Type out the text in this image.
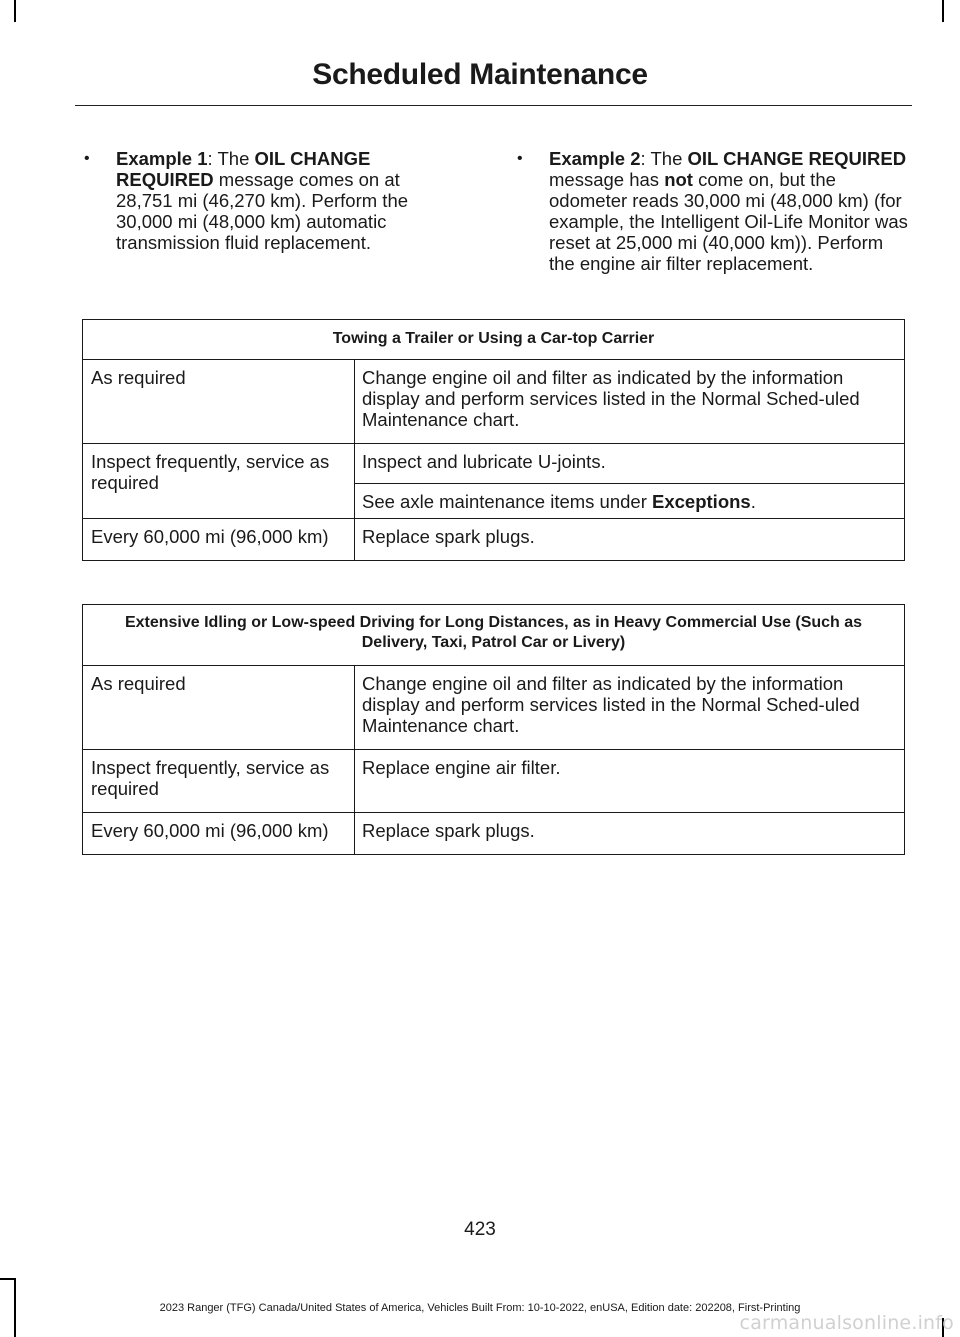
Scheduled Maintenance
• Example 1: The OIL CHANGE REQUIRED message comes on at 28,751 mi (46,270 km). Perform the 30,000 mi (48,000 km) automatic transmission fluid replacement.
• Example 2: The OIL CHANGE REQUIRED message has not come on, but the odometer reads 30,000 mi (48,000 km) (for example, the Intelligent Oil-Life Monitor was reset at 25,000 mi (40,000 km)). Perform the engine air filter replacement.
Towing a Trailer or Using a Car-top Carrier	
As required	Change engine oil and filter as indicated by the information display and perform services listed in the Normal Sched-uled Maintenance chart.
Inspect frequently, service as required	Inspect and lubricate U-joints.
	See axle maintenance items under Exceptions.
Every 60,000 mi (96,000 km)	Replace spark plugs.
Extensive Idling or Low-speed Driving for Long Distances, as in Heavy Commercial Use (Such as Delivery, Taxi, Patrol Car or Livery)	
As required	Change engine oil and filter as indicated by the information display and perform services listed in the Normal Sched-uled Maintenance chart.
Inspect frequently, service as required	Replace engine air filter.
Every 60,000 mi (96,000 km)	Replace spark plugs.
423
2023 Ranger (TFG) Canada/United States of America, Vehicles Built From: 10-10-2022, enUSA, Edition date: 202208, First-Printing
carmanualsonline.info
